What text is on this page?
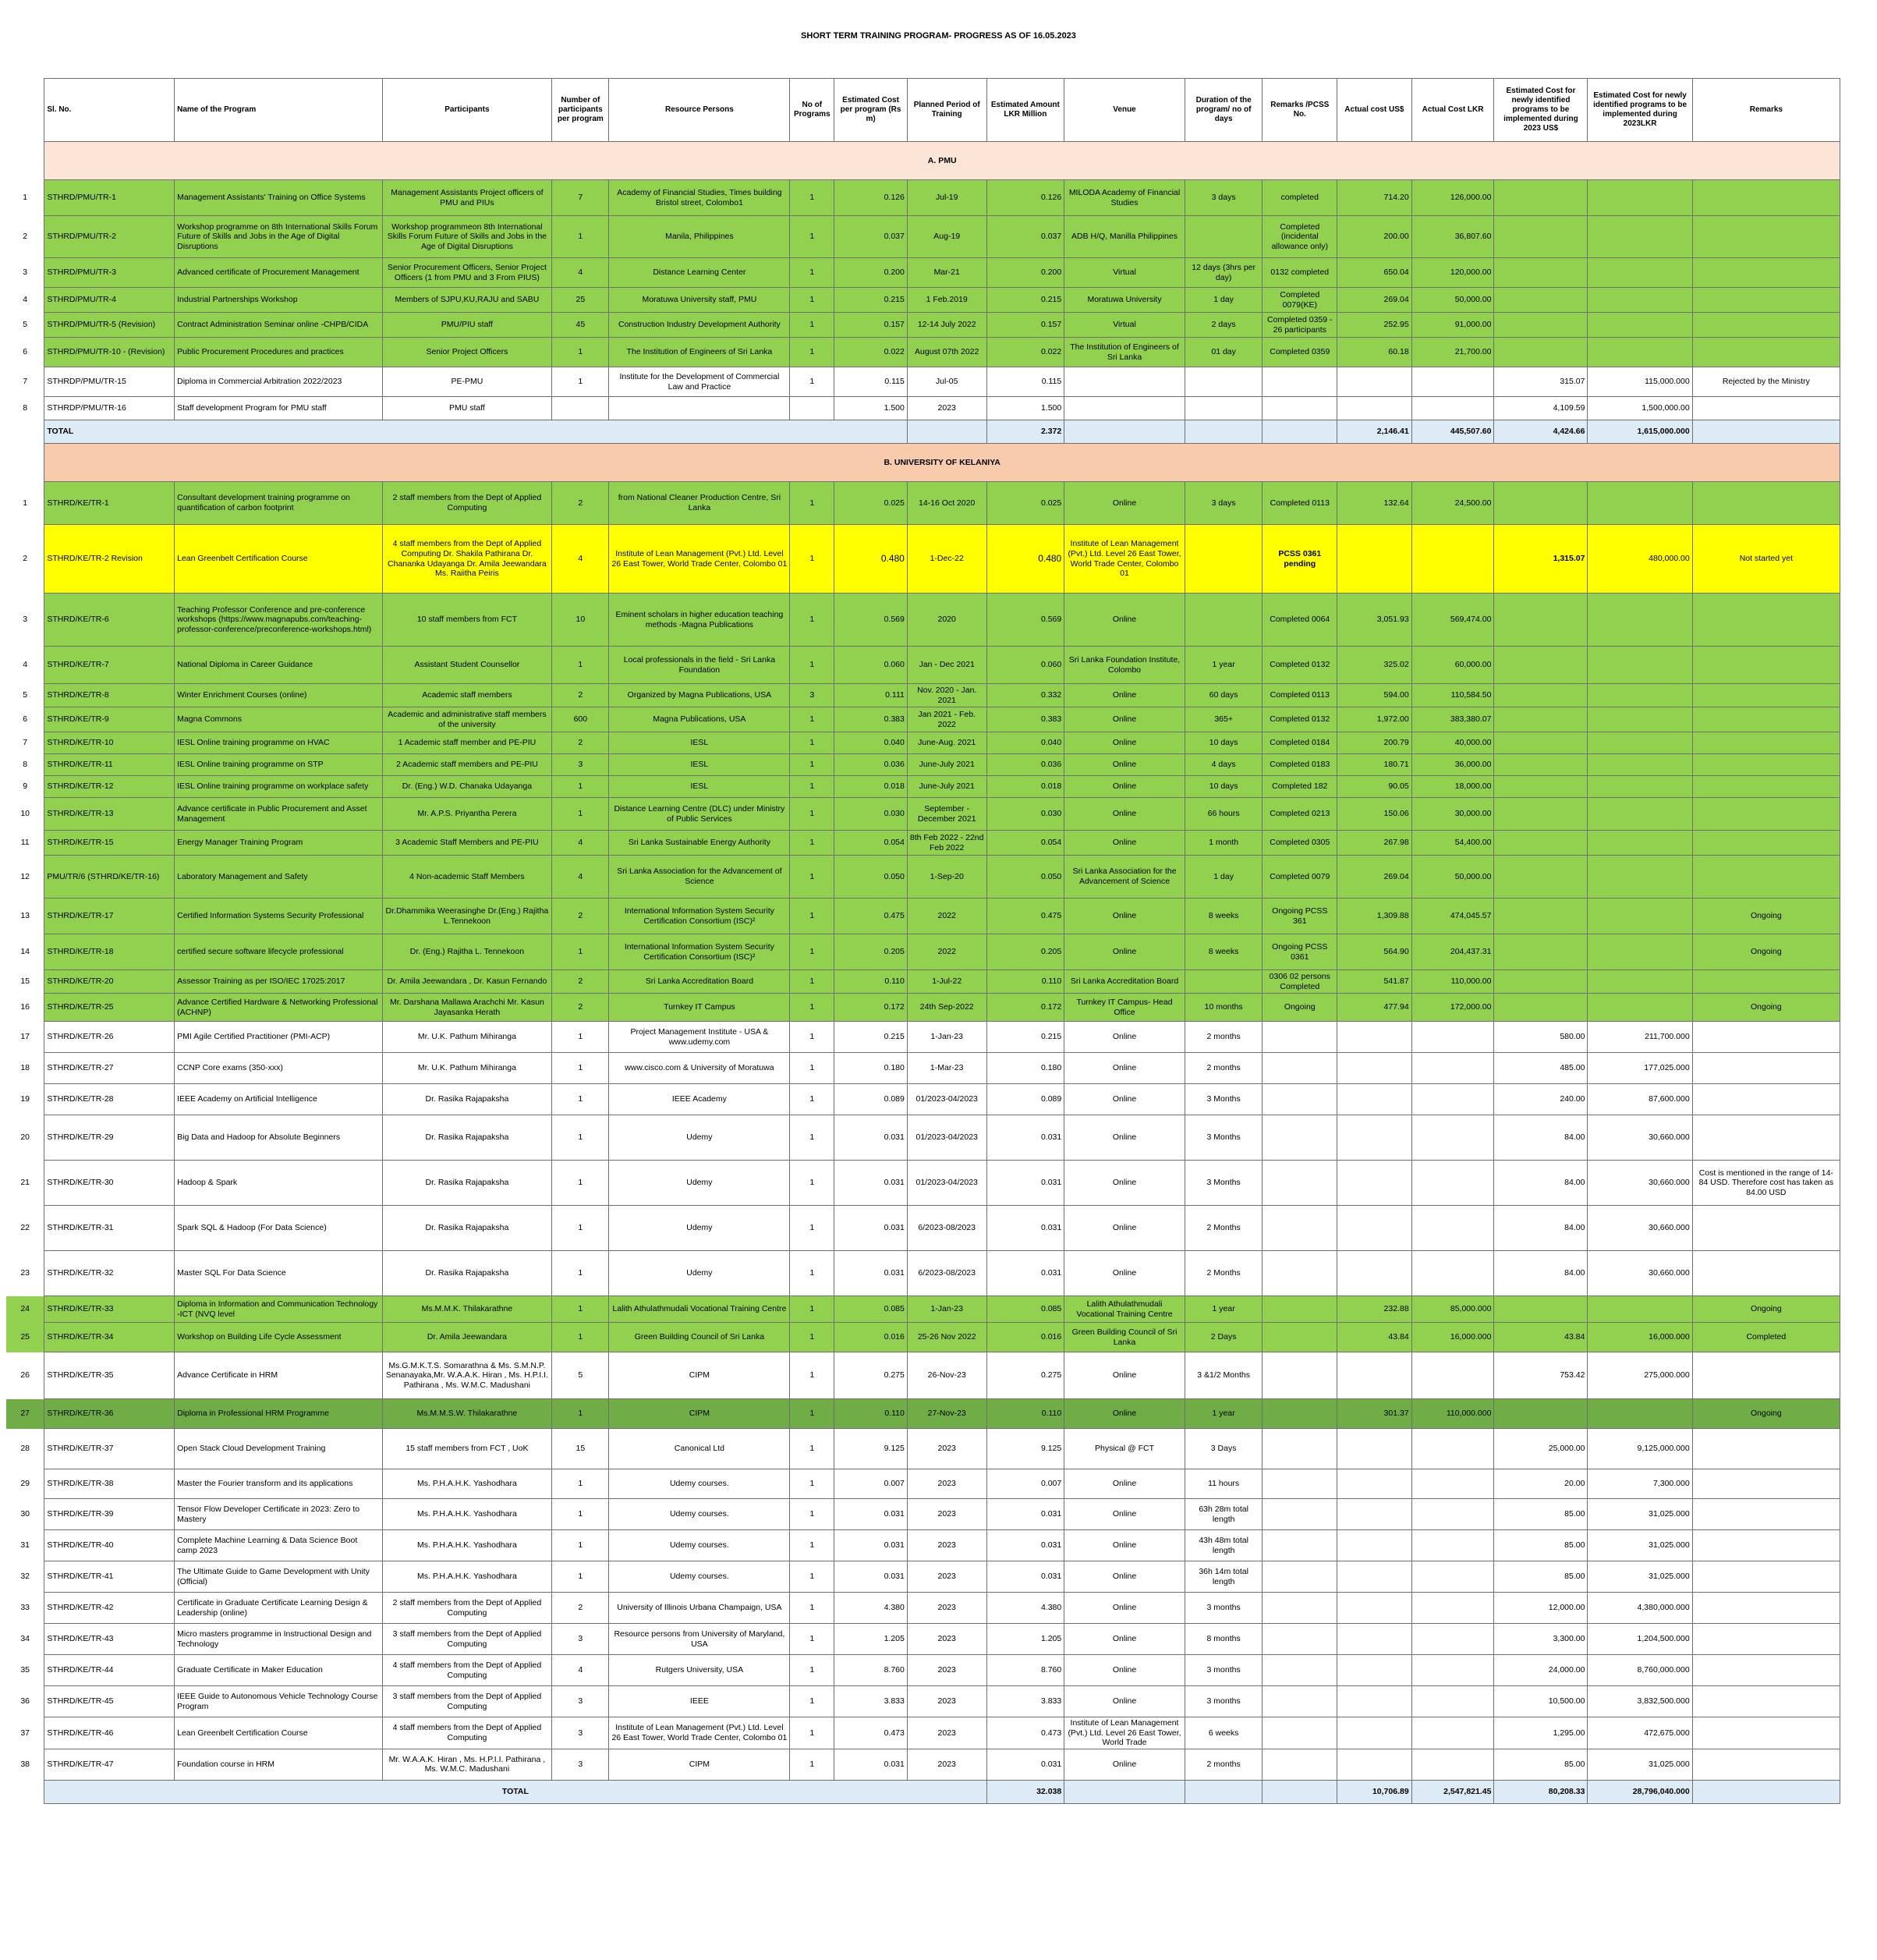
SHORT TERM TRAINING PROGRAM- PROGRESS AS OF 16.05.2023
	Sl. No.	Name of the Program	Participants	Number of participants per program	Resource Persons	No of Programs	Estimated Cost per program (Rs m)	Planned Period of Training	Estimated Amount LKR Million	Venue	Duration of the program/ no of days	Remarks /PCSS No.	Actual cost US$	Actual Cost LKR	Estimated Cost for newly identified programs to be implemented during 2023 US$	Estimated Cost for newly identified programs to be implemented during 2023LKR	Remarks
	A. PMU																
1	STHRD/PMU/TR-1	Management Assistants' Training on Office Systems	Management Assistants Project officers of PMU and PIUs	7	Academy of Financial Studies, Times building Bristol street, Colombo1	1	0.126	Jul-19	0.126	MILODA Academy of Financial Studies	3 days	completed	714.20	126,000.00			
2	STHRD/PMU/TR-2	Workshop programme on 8th International Skills Forum Future of Skills and Jobs in the Age of Digital Disruptions	Workshop programmeon 8th International Skills Forum Future of Skills and Jobs in the Age of Digital Disruptions	1	Manila, Philippines	1	0.037	Aug-19	0.037	ADB H/Q, Manilla Philippines		Completed (incidental allowance only)	200.00	36,807.60			
3	STHRD/PMU/TR-3	Advanced certificate of Procurement Management	Senior Procurement Officers, Senior Project Officers (1 from PMU and 3 From PIUS)	4	Distance Learning Center	1	0.200	Mar-21	0.200	Virtual	12 days (3hrs per day)	0132 completed	650.04	120,000.00			
4	STHRD/PMU/TR-4	Industrial Partnerships Workshop	Members of SJPU,KU,RAJU and SABU	25	Moratuwa University staff, PMU	1	0.215	1 Feb.2019	0.215	Moratuwa University	1 day	Completed 0079(KE)	269.04	50,000.00			
5	STHRD/PMU/TR-5 (Revision)	Contract Administration Seminar online -CHPB/CIDA	PMU/PIU staff	45	Construction Industry Development Authority	1	0.157	12-14 July 2022	0.157	Virtual	2 days	Completed 0359 - 26 participants	252.95	91,000.00			
6	STHRD/PMU/TR-10 - (Revision)	Public Procurement Procedures and practices	Senior Project Officers	1	The Institution of Engineers of Sri Lanka	1	0.022	August 07th 2022	0.022	The Institution of Engineers of Sri Lanka	01 day	Completed 0359	60.18	21,700.00			
7	STHRDP/PMU/TR-15	Diploma in Commercial Arbitration 2022/2023	PE-PMU	1	Institute for the Development of Commercial Law and Practice	1	0.115	Jul-05	0.115						315.07	115,000.000	Rejected by the Ministry
8	STHRDP/PMU/TR-16	Staff development Program for PMU staff	PMU staff				1.500	2023	1.500						4,109.59	1,500,000.00	
	TOTAL								2.372				2,146.41	445,507.60	4,424.66	1,615,000.000	
	B. UNIVERSITY OF KELANIYA																
1	STHRD/KE/TR-1	Consultant development training programme on quantification of carbon footprint	2 staff members from the Dept of Applied Computing	2	from National Cleaner Production Centre, Sri Lanka	1	0.025	14-16 Oct 2020	0.025	Online	3 days	Completed 0113	132.64	24,500.00			
2	STHRD/KE/TR-2 Revision	Lean Greenbelt Certification Course	4 staff members from the Dept of Applied Computing Dr. Shakila Pathirana Dr. Chananka Udayanga Dr. Amila Jeewandara Ms. Raiitha Peiris	4	Institute of Lean Management (Pvt.) Ltd. Level 26 East Tower, World Trade Center, Colombo 01	1	0.480	1-Dec-22	0.480	Institute of Lean Management (Pvt.) Ltd. Level 26 East Tower, World Trade Center, Colombo 01		PCSS 0361 pending			1,315.07	480,000.00	Not started yet
3	STHRD/KE/TR-6	Teaching Professor Conference and pre-conference workshops (https://www.magnapubs.com/teaching-professor-conference/preconference-workshops.html)	10 staff members from FCT	10	Eminent scholars in higher education teaching methods -Magna Publications	1	0.569	2020	0.569	Online		Completed 0064	3,051.93	569,474.00			
4	STHRD/KE/TR-7	National Diploma in Career Guidance	Assistant Student Counsellor	1	Local professionals in the field - Sri Lanka Foundation	1	0.060	Jan - Dec 2021	0.060	Sri Lanka Foundation Institute, Colombo	1 year	Completed 0132	325.02	60,000.00			
5	STHRD/KE/TR-8	Winter Enrichment Courses (online)	Academic staff members	2	Organized by Magna Publications, USA	3	0.111	Nov. 2020 - Jan. 2021	0.332	Online	60 days	Completed 0113	594.00	110,584.50			
6	STHRD/KE/TR-9	Magna Commons	Academic and administrative staff members of the university	600	Magna Publications, USA	1	0.383	Jan 2021 - Feb. 2022	0.383	Online	365+	Completed 0132	1,972.00	383,380.07			
7	STHRD/KE/TR-10	IESL Online training programme on HVAC	1 Academic staff member and PE-PIU	2	IESL	1	0.040	June-Aug. 2021	0.040	Online	10 days	Completed 0184	200.79	40,000.00			
8	STHRD/KE/TR-11	IESL Online training programme on STP	2 Academic staff members and PE-PIU	3	IESL	1	0.036	June-July 2021	0.036	Online	4 days	Completed 0183	180.71	36,000.00			
9	STHRD/KE/TR-12	IESL Online training programme on workplace safety	Dr. (Eng.) W.D. Chanaka Udayanga	1	IESL	1	0.018	June-July 2021	0.018	Online	10 days	Completed 182	90.05	18,000.00			
10	STHRD/KE/TR-13	Advance certificate in Public Procurement and Asset Management	Mr. A.P.S. Priyantha Perera	1	Distance Learning Centre (DLC) under Ministry of Public Services	1	0.030	September - December 2021	0.030	Online	66 hours	Completed 0213	150.06	30,000.00			
11	STHRD/KE/TR-15	Energy Manager Training Program	3 Academic Staff Members and PE-PIU	4	Sri Lanka Sustainable Energy Authority	1	0.054	8th Feb 2022 - 22nd Feb 2022	0.054	Online	1 month	Completed 0305	267.98	54,400.00			
12	PMU/TR/6 (STHRD/KE/TR-16)	Laboratory Management and Safety	4 Non-academic Staff Members	4	Sri Lanka Association for the Advancement of Science	1	0.050	1-Sep-20	0.050	Sri Lanka Association for the Advancement of Science	1 day	Completed 0079	269.04	50,000.00			
13	STHRD/KE/TR-17	Certified Information Systems Security Professional	Dr.Dhammika Weerasinghe Dr.(Eng.) Rajitha L.Tennekoon	2	International Information System Security Certification Consortium (ISC)²	1	0.475	2022	0.475	Online	8 weeks	Ongoing PCSS 361	1,309.88	474,045.57			Ongoing
14	STHRD/KE/TR-18	certified secure software lifecycle professional	Dr. (Eng.) Rajitha L. Tennekoon	1	International Information System Security Certification Consortium (ISC)²	1	0.205	2022	0.205	Online	8 weeks	Ongoing PCSS 0361	564.90	204,437.31			Ongoing
15	STHRD/KE/TR-20	Assessor Training as per ISO/IEC 17025:2017	Dr. Amila Jeewandara , Dr. Kasun Fernando	2	Sri Lanka Accreditation Board	1	0.110	1-Jul-22	0.110	Sri Lanka Accreditation Board		0306 02 persons Completed	541.87	110,000.00			
16	STHRD/KE/TR-25	Advance Certified Hardware & Networking Professional (ACHNP)	Mr. Darshana Mallawa Arachchi Mr. Kasun Jayasanka Herath	2	Turnkey IT Campus	1	0.172	24th Sep-2022	0.172	Turnkey IT Campus- Head Office	10 months	Ongoing	477.94	172,000.00			Ongoing
17	STHRD/KE/TR-26	PMI Agile Certified Practitioner (PMI-ACP)	Mr. U.K. Pathum Mihiranga	1	Project Management Institute - USA & www.udemy.com	1	0.215	1-Jan-23	0.215	Online	2 months				580.00	211,700.000	
18	STHRD/KE/TR-27	CCNP Core exams (350-xxx)	Mr. U.K. Pathum Mihiranga	1	www.cisco.com & University of Moratuwa	1	0.180	1-Mar-23	0.180	Online	2 months				485.00	177,025.000	
19	STHRD/KE/TR-28	IEEE Academy on Artificial Intelligence	Dr. Rasika Rajapaksha	1	IEEE Academy	1	0.089	01/2023-04/2023	0.089	Online	3 Months				240.00	87,600.000	
20	STHRD/KE/TR-29	Big Data and Hadoop for Absolute Beginners	Dr. Rasika Rajapaksha	1	Udemy	1	0.031	01/2023-04/2023	0.031	Online	3 Months				84.00	30,660.000	
21	STHRD/KE/TR-30	Hadoop & Spark	Dr. Rasika Rajapaksha	1	Udemy	1	0.031	01/2023-04/2023	0.031	Online	3 Months				84.00	30,660.000	Cost is mentioned in the range of 14-84 USD. Therefore cost has taken as 84.00 USD
22	STHRD/KE/TR-31	Spark SQL & Hadoop (For Data Science)	Dr. Rasika Rajapaksha	1	Udemy	1	0.031	6/2023-08/2023	0.031	Online	2 Months				84.00	30,660.000	
23	STHRD/KE/TR-32	Master SQL For Data Science	Dr. Rasika Rajapaksha	1	Udemy	1	0.031	6/2023-08/2023	0.031	Online	2 Months				84.00	30,660.000	
24	STHRD/KE/TR-33	Diploma in Information and Communication Technology -ICT (NVQ level	Ms.M.M.K. Thilakarathne	1	Lalith Athulathmudali Vocational Training Centre	1	0.085	1-Jan-23	0.085	Lalith Athulathmudali Vocational Training Centre	1 year		232.88	85,000.000			Ongoing
25	STHRD/KE/TR-34	Workshop on Building Life Cycle Assessment	Dr. Amila Jeewandara	1	Green Building Council of Sri Lanka	1	0.016	25-26 Nov 2022	0.016	Green Building Council of Sri Lanka	2 Days		43.84	16,000.000	43.84	16,000.000	Completed
26	STHRD/KE/TR-35	Advance Certificate in HRM	Ms.G.M.K.T.S. Somarathna & Ms. S.M.N.P. Senanayaka,Mr. W.A.A.K. Hiran , Ms. H.P.I.I. Pathirana , Ms. W.M.C. Madushani	5	CIPM	1	0.275	26-Nov-23	0.275	Online	3 &1/2 Months				753.42	275,000.000	
27	STHRD/KE/TR-36	Diploma in Professional HRM Programme	Ms.M.M.S.W. Thilakarathne	1	CIPM	1	0.110	27-Nov-23	0.110	Online	1 year		301.37	110,000.000			Ongoing
28	STHRD/KE/TR-37	Open Stack Cloud Development Training	15 staff members from FCT , UoK	15	Canonical Ltd	1	9.125	2023	9.125	Physical @ FCT	3 Days				25,000.00	9,125,000.000	
29	STHRD/KE/TR-38	Master the Fourier transform and its applications	Ms. P.H.A.H.K. Yashodhara	1	Udemy courses.	1	0.007	2023	0.007	Online	11 hours				20.00	7,300.000	
30	STHRD/KE/TR-39	Tensor Flow Developer Certificate in 2023: Zero to Mastery	Ms. P.H.A.H.K. Yashodhara	1	Udemy courses.	1	0.031	2023	0.031	Online	63h 28m total length				85.00	31,025.000	
31	STHRD/KE/TR-40	Complete Machine Learning & Data Science Boot camp 2023	Ms. P.H.A.H.K. Yashodhara	1	Udemy courses.	1	0.031	2023	0.031	Online	43h 48m total length				85.00	31,025.000	
32	STHRD/KE/TR-41	The Ultimate Guide to Game Development with Unity (Official)	Ms. P.H.A.H.K. Yashodhara	1	Udemy courses.	1	0.031	2023	0.031	Online	36h 14m total length				85.00	31,025.000	
33	STHRD/KE/TR-42	Certificate in Graduate Certificate Learning Design & Leadership (online)	2 staff members from the Dept of Applied Computing	2	University of Illinois Urbana Champaign, USA	1	4.380	2023	4.380	Online	3 months				12,000.00	4,380,000.000	
34	STHRD/KE/TR-43	Micro masters programme in Instructional Design and Technology	3 staff members from the Dept of Applied Computing	3	Resource persons from University of Maryland, USA	1	1.205	2023	1.205	Online	8 months				3,300.00	1,204,500.000	
35	STHRD/KE/TR-44	Graduate Certificate in Maker Education	4 staff members from the Dept of Applied Computing	4	Rutgers University, USA	1	8.760	2023	8.760	Online	3 months				24,000.00	8,760,000.000	
36	STHRD/KE/TR-45	IEEE Guide to Autonomous Vehicle Technology Course Program	3 staff members from the Dept of Applied Computing	3	IEEE	1	3.833	2023	3.833	Online	3 months				10,500.00	3,832,500.000	
37	STHRD/KE/TR-46	Lean Greenbelt Certification Course	4 staff members from the Dept of Applied Computing	3	Institute of Lean Management (Pvt.) Ltd. Level 26 East Tower, World Trade Center, Colombo 01	1	0.473	2023	0.473	Institute of Lean Management (Pvt.) Ltd. Level 26 East Tower, World Trade	6 weeks				1,295.00	472,675.000	
38	STHRD/KE/TR-47	Foundation course in HRM	Mr. W.A.A.K. Hiran , Ms. H.P.I.I. Pathirana , Ms. W.M.C. Madushani	3	CIPM	1	0.031	2023	0.031	Online	2 months				85.00	31,025.000	
	TOTAL								32.038				10,706.89	2,547,821.45	80,208.33	28,796,040.000	
